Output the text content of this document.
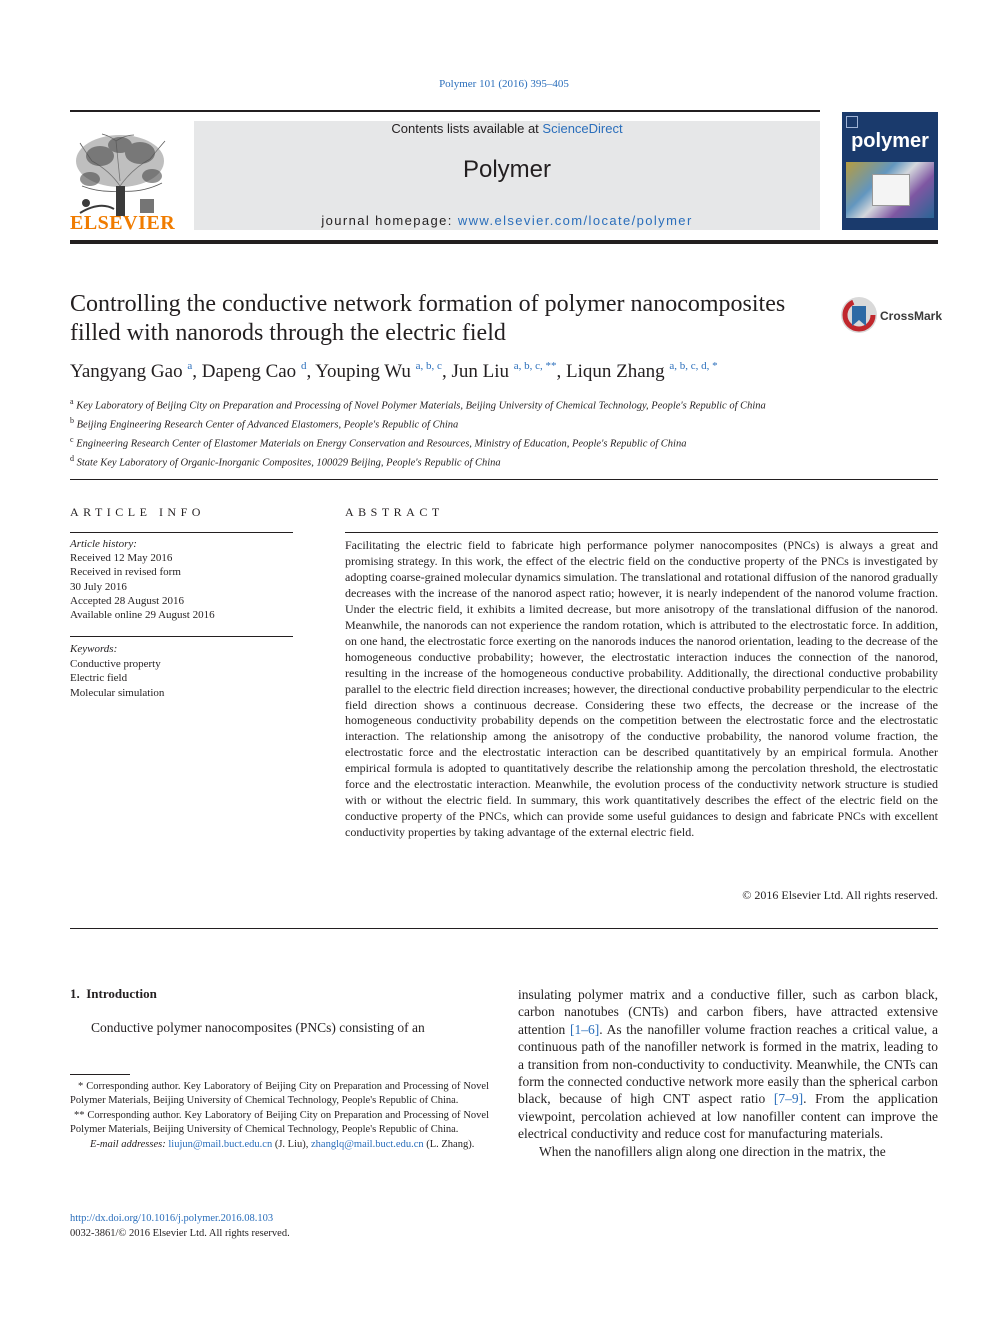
Polymer 101 (2016) 395–405
ELSEVIER
Contents lists available at ScienceDirect
Polymer
journal homepage: www.elsevier.com/locate/polymer
polymer
Controlling the conductive network formation of polymer nanocomposites filled with nanorods through the electric field
CrossMark
Yangyang Gao $^a$, Dapeng Cao $^d$, Youping Wu $^{a, b, c}$, Jun Liu $^{a, b, c, **}$, Liqun Zhang $^{a, b, c, d, *}$
$^a$ Key Laboratory of Beijing City on Preparation and Processing of Novel Polymer Materials, Beijing University of Chemical Technology, People's Republic of China
$^b$ Beijing Engineering Research Center of Advanced Elastomers, People's Republic of China
$^c$ Engineering Research Center of Elastomer Materials on Energy Conservation and Resources, Ministry of Education, People's Republic of China
$^d$ State Key Laboratory of Organic-Inorganic Composites, 100029 Beijing, People's Republic of China
ARTICLE INFO
Article history:
Received 12 May 2016
Received in revised form
30 July 2016
Accepted 28 August 2016
Available online 29 August 2016
Keywords:
Conductive property
Electric field
Molecular simulation
ABSTRACT
Facilitating the electric field to fabricate high performance polymer nanocomposites (PNCs) is always a great and promising strategy. In this work, the effect of the electric field on the conductive property of the PNCs is investigated by adopting coarse-grained molecular dynamics simulation. The translational and rotational diffusion of the nanorod gradually decreases with the increase of the nanorod aspect ratio; however, it is nearly independent of the nanorod volume fraction. Under the electric field, it exhibits a limited decrease, but more anisotropy of the translational diffusion of the nanorod. Meanwhile, the nanorods can not experience the random rotation, which is attributed to the electrostatic force. In addition, on one hand, the electrostatic force exerting on the nanorods induces the nanorod orientation, leading to the decrease of the homogeneous conductive probability; however, the electrostatic interaction induces the connection of the nanorod, resulting in the increase of the homogeneous conductive probability. Additionally, the directional conductive probability parallel to the electric field direction increases; however, the directional conductive probability perpendicular to the electric field direction shows a continuous decrease. Considering these two effects, the decrease or the increase of the homogeneous conductivity probability depends on the competition between the electrostatic force and the electrostatic interaction. The relationship among the anisotropy of the conductive probability, the nanorod volume fraction, the electrostatic force and the electrostatic interaction can be described quantitatively by an empirical formula. Another empirical formula is adopted to quantitatively describe the relationship among the percolation threshold, the electrostatic force and the electrostatic interaction. Meanwhile, the evolution process of the conductivity network structure is studied with or without the electric field. In summary, this work quantitatively describes the effect of the electric field on the conductive property of the PNCs, which can provide some useful guidances to design and fabricate PNCs with excellent conductivity properties by taking advantage of the external electric field.
© 2016 Elsevier Ltd. All rights reserved.
1.  Introduction
Conductive polymer nanocomposites (PNCs) consisting of an
* Corresponding author. Key Laboratory of Beijing City on Preparation and Processing of Novel Polymer Materials, Beijing University of Chemical Technology, People's Republic of China.
** Corresponding author. Key Laboratory of Beijing City on Preparation and Processing of Novel Polymer Materials, Beijing University of Chemical Technology, People's Republic of China.
E-mail addresses: liujun@mail.buct.edu.cn (J. Liu), zhanglq@mail.buct.edu.cn (L. Zhang).
http://dx.doi.org/10.1016/j.polymer.2016.08.103
0032-3861/© 2016 Elsevier Ltd. All rights reserved.

insulating polymer matrix and a conductive filler, such as carbon black, carbon nanotubes (CNTs) and carbon fibers, have attracted extensive attention [1–6]. As the nanofiller volume fraction reaches a critical value, a continuous path of the nanofiller network is formed in the matrix, leading to a transition from non-conductivity to conductivity. Meanwhile, the CNTs can form the connected conductive network more easily than the spherical carbon black, because of high CNT aspect ratio [7–9]. From the application viewpoint, percolation achieved at low nanofiller content can improve the electrical conductivity and reduce cost for manufacturing materials.

When the nanofillers align along one direction in the matrix, the
